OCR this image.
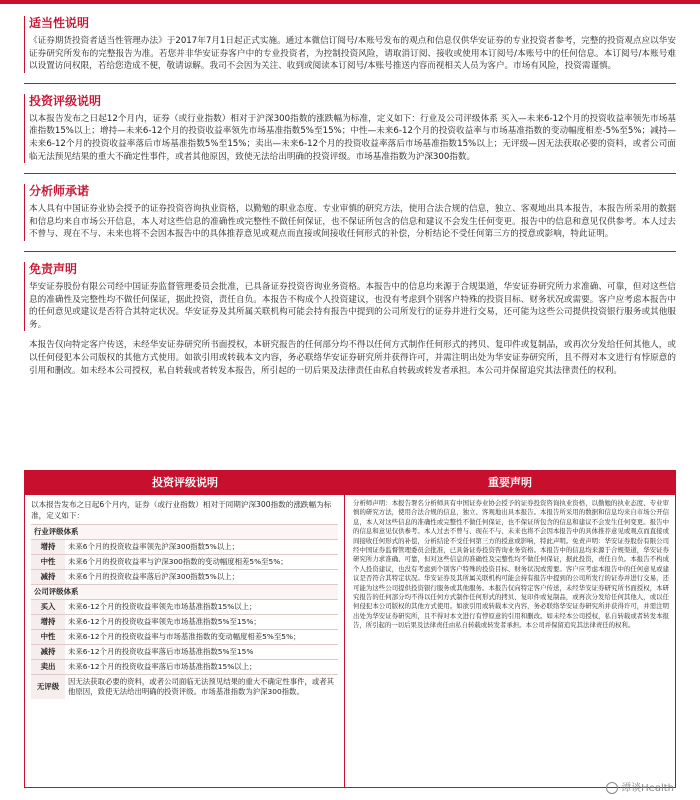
适当性说明

《证券期货投资者适当性管理办法》于2017年7月1日起正式实施。通过本微信订阅号/本账号发布的观点和信息仅供华安证券的专业投资者参考，完整的投资观点应以华安证券研究所发布的完整报告为准。若您并非华安证券客户中的专业投资者，为控制投资风险，请取消订阅、接收或使用本订阅号/本账号中的任何信息。本订阅号/本账号难以设置访问权限，若给您造成不便，敬请谅解。我司不会因为关注、收到或阅读本订阅号/本账号推送内容而视相关人员为客户。市场有风险，投资需谨慎。

投资评级说明

以本报告发布之日起12个月内，证券（或行业指数）相对于沪深300指数的涨跌幅为标准，定义如下：行业及公司评级体系 买入—未来6-12个月的投资收益率领先市场基准指数15%以上；增持—未来6-12个月的投资收益率领先市场基准指数5%至15%；中性—未来6-12个月的投资收益率与市场基准指数的变动幅度相差-5%至5%；减持—未来6-12个月的投资收益率落后市场基准指数5%至15%；卖出—未来6-12个月的投资收益率落后市场基准指数15%以上；无评级—因无法获取必要的资料，或者公司面临无法预见结果的重大不确定性事件，或者其他原因，致使无法给出明确的投资评级。市场基准指数为沪深300指数。

分析师承诺

本人具有中国证券业协会授予的证券投资咨询执业资格，以勤勉的职业态度、专业审慎的研究方法，使用合法合规的信息，独立、客观地出具本报告，本报告所采用的数据和信息均来自市场公开信息，本人对这些信息的准确性或完整性不做任何保证，也不保证所包含的信息和建议不会发生任何变更。报告中的信息和意见仅供参考。本人过去不曾与、现在不与、未来也将不会因本报告中的具体推荐意见或观点而直接或间接收任何形式的补偿，分析结论不受任何第三方的授意或影响，特此证明。

免责声明

华安证券股份有限公司经中国证券监督管理委员会批准，已具备证券投资咨询业务资格。本报告中的信息均来源于合规渠道，华安证券研究所力求准确、可靠，但对这些信息的准确性及完整性均不做任何保证，据此投资，责任自负。本报告不构成个人投资建议，也没有考虑到个别客户特殊的投资目标、财务状况或需要。客户应考虑本报告中的任何意见或建议是否符合其特定状况。华安证券及其所属关联机构可能会持有报告中提到的公司所发行的证券并进行交易，还可能为这些公司提供投资银行服务或其他服务。

本报告仅向特定客户传送，未经华安证券研究所书面授权，本研究报告的任何部分均不得以任何方式制作任何形式的拷贝、复印件或复制品，或再次分发给任何其他人，或以任何侵犯本公司版权的其他方式使用。如欲引用或转载本文内容，务必联络华安证券研究所并获得许可，并需注明出处为华安证券研究所，且不得对本文进行有悖原意的引用和删改。如未经本公司授权，私自转载或者转发本报告，所引起的一切后果及法律责任由私自转载或转发者承担。本公司并保留追究其法律责任的权利。

投资评级说明	重要声明
以本报告发布之日起6个月内，证券（或行业指数）相对于同期沪深300指数的涨跌幅为标准，定义如下：
行业评级体系	
增持	未来6个月的投资收益率领先沪深300指数5%以上；
中性	未来6个月的投资收益率与沪深300指数的变动幅度相差5%至5%；
减持	未来6个月的投资收益率落后沪深300指数5%以上；
公司评级体系	
买入	未来6-12个月的投资收益率领先市场基准指数15%以上；
增持	未来6-12个月的投资收益率领先市场基准指数5%至15%；
中性	未来6-12个月的投资收益率与市场基准指数的变动幅度相差5%至5%；
减持	未来6-12个月的投资收益率落后市场基准指数5%至15%
卖出	未来6-12个月的投资收益率落后市场基准指数15%以上；
无评级	因无法获取必要的资料，或者公司面临无法预见结果的重大不确定性事件，或者其他原因，致使无法给出明确的投资评级。市场基准指数为沪深300指数。
分析师声明：本报告署名分析师具有中国证券业协会授予的证券投资咨询执业资格，以勤勉的执业态度、专业审慎的研究方法，使用合法合规的信息，独立、客观地出具本报告。本报告所采用的数据和信息均来自市场公开信息，本人对这些信息的准确性或完整性不做任何保证，也不保证所包含的信息和建议不会发生任何变更。报告中的信息和意见仅供参考。本人过去不曾与、现在不与、未来也将不会因本报告中的具体推荐意见或观点而直接或间接收任何形式的补偿，分析结论不受任何第三方的授意或影响，特此声明。免责声明：华安证券股份有限公司经中国证券监督管理委员会批准，已具备证券投资咨询业务资格。本报告中的信息均来源于合规渠道，华安证券研究所力求准确、可靠，但对这些信息的准确性及完整性均不做任何保证，据此投资，责任自负。本报告不构成个人投资建议，也没有考虑到个别客户特殊的投资目标、财务状况或需要。客户应考虑本报告中的任何意见或建议是否符合其特定状况。华安证券及其所属关联机构可能会持有报告中提到的公司所发行的证券并进行交易，还可能为这些公司提供投资银行服务或其他服务。本报告仅向特定客户传送，未经华安证券研究所书面授权，本研究报告的任何部分均不得以任何方式制作任何形式的拷贝、复印件或复制品，或再次分发给任何其他人，或以任何侵犯本公司版权的其他方式使用。如欲引用或转载本文内容，务必联络华安证券研究所并获得许可，并需注明出处为华安证券研究所，且不得对本文进行有悖原意的引用和删改。如未经本公司授权，私自转载或者转发本报告，所引起的一切后果及法律责任由私自转载或转发者承担。本公司并保留追究其法律责任的权利。
谭谈Health
